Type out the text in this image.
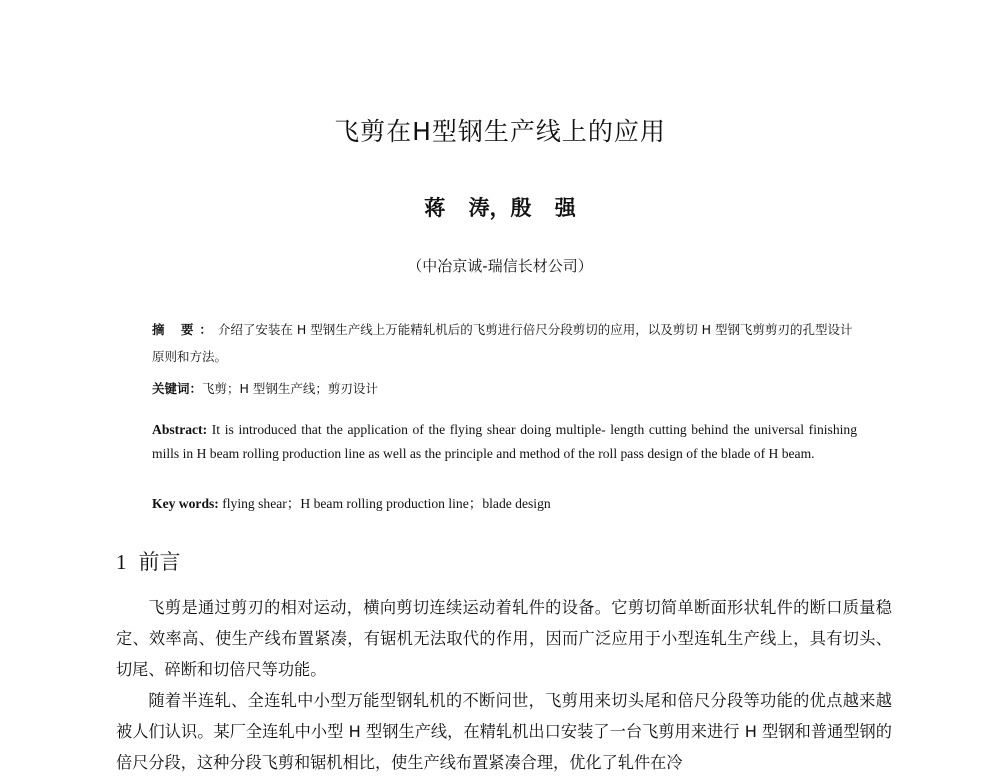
飞剪在H型钢生产线上的应用
蒋 涛，殷 强
（中冶京诚-瑞信长材公司）
摘 要：介绍了安装在 H 型钢生产线上万能精轧机后的飞剪进行倍尺分段剪切的应用，以及剪切 H 型钢飞剪剪刃的孔型设计原则和方法。
关键词：飞剪；H 型钢生产线；剪刃设计
Abstract: It is introduced that the application of the flying shear doing multiple- length cutting behind the universal finishing mills in H beam rolling production line as well as the principle and method of the roll pass design of the blade of H beam.
Key words: flying shear；H beam rolling production line；blade design
1 前言

飞剪是通过剪刃的相对运动，横向剪切连续运动着轧件的设备。它剪切简单断面形状轧件的断口质量稳定、效率高、使生产线布置紧凑，有锯机无法取代的作用，因而广泛应用于小型连轧生产线上，具有切头、切尾、碎断和切倍尺等功能。

随着半连轧、全连轧中小型万能型钢轧机的不断问世，飞剪用来切头尾和倍尺分段等功能的优点越来越被人们认识。某厂全连轧中小型 H 型钢生产线，在精轧机出口安装了一台飞剪用来进行 H 型钢和普通型钢的倍尺分段，这种分段飞剪和锯机相比，使生产线布置紧凑合理，优化了轧件在冷
